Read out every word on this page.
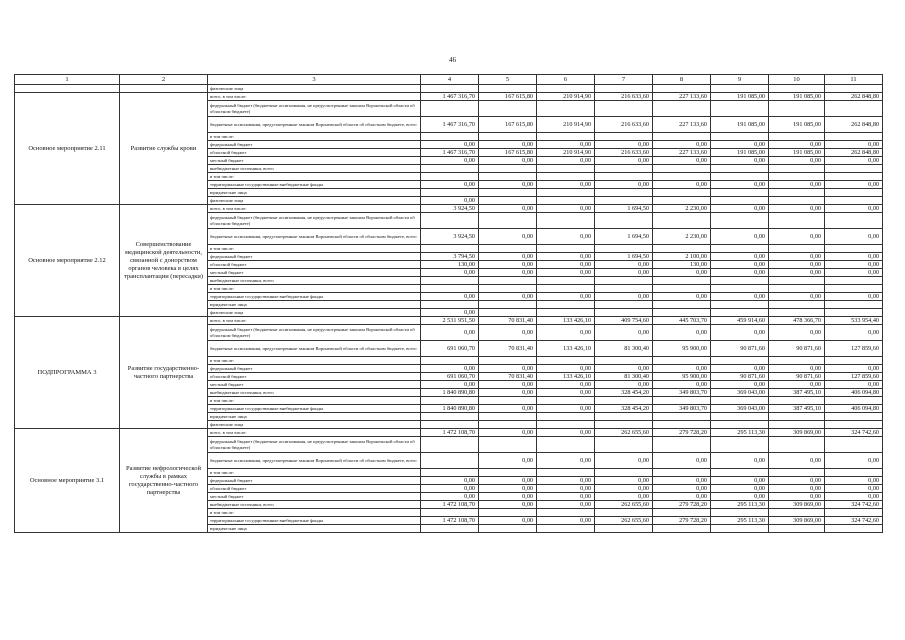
46
1	2	3	4	5	6	7	8	9	10	11
		физические лица								
Основное мероприятие 2.11	Развитие службы крови	всего, в том числе:	1 467 316,70	167 615,80	210 914,90	216 633,60	227 133,60	191 085,00	191 085,00	262 848,80
		федеральный бюджет (бюджетные ассигнования, не предусмотренные законом Воронежской области об областном бюджете)								
		бюджетные ассигнования, предусмотренные законом Воронежской области об областном бюджете, всего	1 467 316,70	167 615,80	210 914,90	216 633,60	227 133,60	191 085,00	191 085,00	262 848,80
		в том числе:								
		федеральный бюджет	0,00	0,00	0,00	0,00	0,00	0,00	0,00	0,00
		областной бюджет	1 467 316,70	167 615,80	210 914,90	216 633,60	227 133,60	191 085,00	191 085,00	262 848,80
		местный бюджет	0,00	0,00	0,00	0,00	0,00	0,00	0,00	0,00
		внебюджетные источники, всего								
		в том числе:								
		территориальные государственные внебюджетные фонды	0,00	0,00	0,00	0,00	0,00	0,00	0,00	0,00
		юридические лица								
		физические лица	0,00							
Основное мероприятие 2.12	Совершенствование медицинской деятельности, связанной с донорством органов человека в целях трансплантации (пересадки)	всего, в том числе:	3 924,50	0,00	0,00	1 694,50	2 230,00	0,00	0,00	0,00
		федеральный бюджет (бюджетные ассигнования, не предусмотренные законом Воронежской области об областном бюджете)								
		бюджетные ассигнования, предусмотренные законом Воронежской области об областном бюджете, всего	3 924,50	0,00	0,00	1 694,50	2 230,00	0,00	0,00	0,00
		в том числе:								
		федеральный бюджет	3 794,50	0,00	0,00	1 694,50	2 100,00	0,00	0,00	0,00
		областной бюджет	130,00	0,00	0,00	0,00	130,00	0,00	0,00	0,00
		местный бюджет	0,00	0,00	0,00	0,00	0,00	0,00	0,00	0,00
		внебюджетные источники, всего								
		в том числе:								
		территориальные государственные внебюджетные фонды	0,00	0,00	0,00	0,00	0,00	0,00	0,00	0,00
		юридические лица								
		физические лица	0,00							
ПОДПРОГРАММА 3	Развитие государственно-частного партнерства	всего, в том числе:	2 531 951,50	70 831,40	133 426,10	409 754,60	445 703,70	459 914,60	478 366,70	533 954,40
		федеральный бюджет (бюджетные ассигнования, не предусмотренные законом Воронежской области об областном бюджете)	0,00	0,00	0,00	0,00	0,00	0,00	0,00	0,00
		бюджетные ассигнования, предусмотренные законом Воронежской области об областном бюджете, всего	691 060,70	70 831,40	133 426,10	81 300,40	95 900,00	90 871,60	90 871,60	127 859,60
		в том числе:								
		федеральный бюджет	0,00	0,00	0,00	0,00	0,00	0,00	0,00	0,00
		областной бюджет	691 060,70	70 831,40	133 426,10	81 300,40	95 900,00	90 871,60	90 871,60	127 859,60
		местный бюджет	0,00	0,00	0,00	0,00	0,00	0,00	0,00	0,00
		внебюджетные источники, всего	1 840 890,80	0,00	0,00	328 454,20	349 803,70	369 043,00	387 495,10	406 094,80
		в том числе:								
		территориальные государственные внебюджетные фонды	1 840 890,80	0,00	0,00	328 454,20	349 803,70	369 043,00	387 495,10	406 094,80
		юридические лица								
		физические лица								
Основное мероприятие 3.1	Развитие нефрологической службы в рамках государственно-частного партнерства	всего, в том числе:	1 472 108,70	0,00	0,00	262 655,60	279 728,20	295 113,30	309 869,00	324 742,60
		федеральный бюджет (бюджетные ассигнования, не предусмотренные законом Воронежской области об областном бюджете)								
		бюджетные ассигнования, предусмотренные законом Воронежской области об областном бюджете, всего		0,00	0,00	0,00	0,00	0,00	0,00	0,00
		в том числе:								
		федеральный бюджет	0,00	0,00	0,00	0,00	0,00	0,00	0,00	0,00
		областной бюджет	0,00	0,00	0,00	0,00	0,00	0,00	0,00	0,00
		местный бюджет	0,00	0,00	0,00	0,00	0,00	0,00	0,00	0,00
		внебюджетные источники, всего	1 472 108,70	0,00	0,00	262 655,60	279 728,20	295 113,30	309 869,00	324 742,60
		в том числе:								
		территориальные государственные внебюджетные фонды	1 472 108,70	0,00	0,00	262 655,60	279 728,20	295 113,30	309 869,00	324 742,60
		юридические лица								
